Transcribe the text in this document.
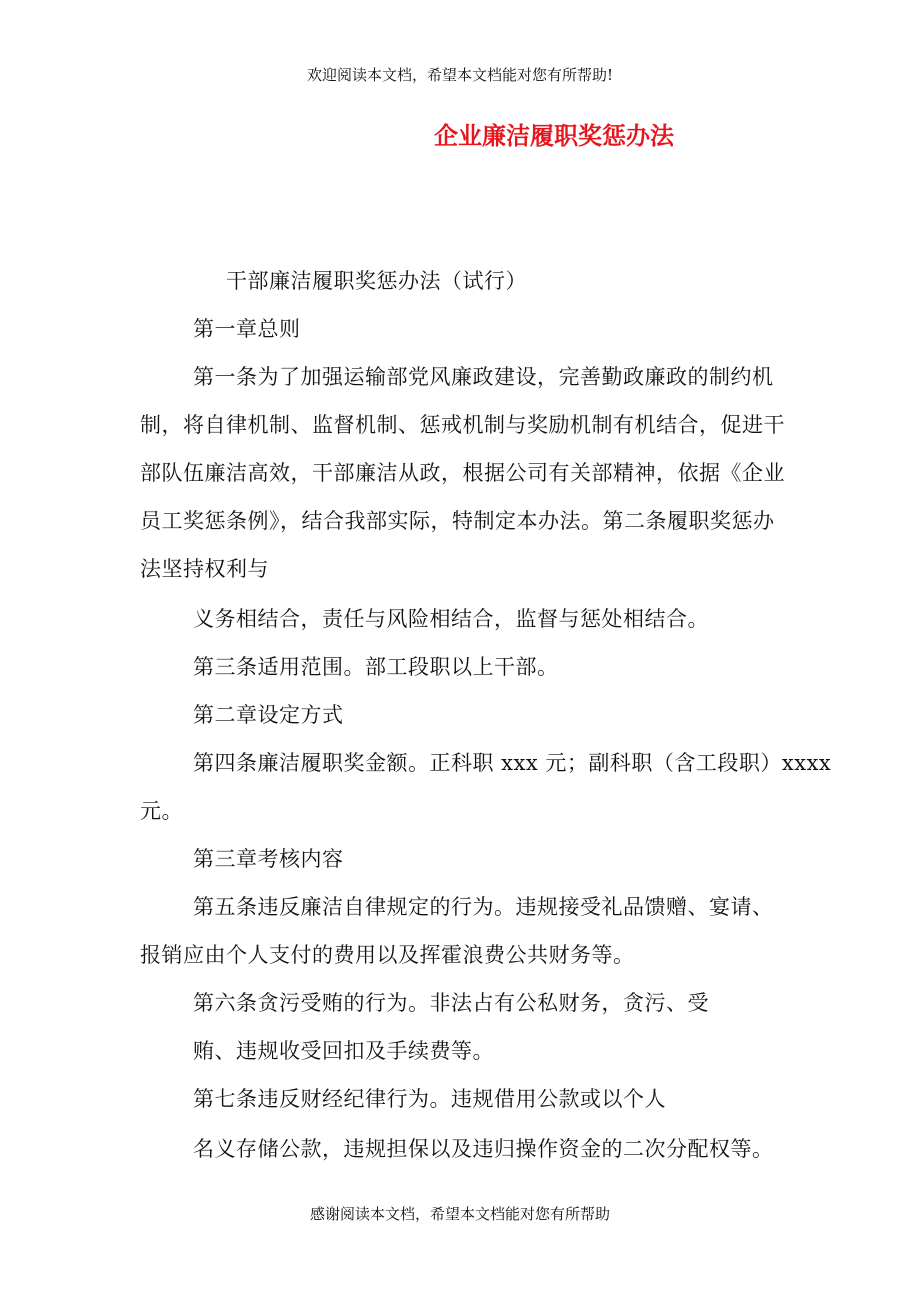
欢迎阅读本文档，希望本文档能对您有所帮助!
企业廉洁履职奖惩办法
干部廉洁履职奖惩办法（试行）
第一章总则
第一条为了加强运输部党风廉政建设，完善勤政廉政的制约机
制，将自律机制、监督机制、惩戒机制与奖励机制有机结合，促进干
部队伍廉洁高效，干部廉洁从政，根据公司有关部精神，依据《企业
员工奖惩条例》，结合我部实际，特制定本办法。第二条履职奖惩办
法坚持权利与
义务相结合，责任与风险相结合，监督与惩处相结合。
第三条适用范围。部工段职以上干部。
第二章设定方式
第四条廉洁履职奖金额。正科职 xxx 元；副科职（含工段职）xxxx
元。
第三章考核内容
第五条违反廉洁自律规定的行为。违规接受礼品馈赠、宴请、
报销应由个人支付的费用以及挥霍浪费公共财务等。
第六条贪污受贿的行为。非法占有公私财务，贪污、受
贿、违规收受回扣及手续费等。
第七条违反财经纪律行为。违规借用公款或以个人
名义存储公款，违规担保以及违归操作资金的二次分配权等。
感谢阅读本文档，希望本文档能对您有所帮助
